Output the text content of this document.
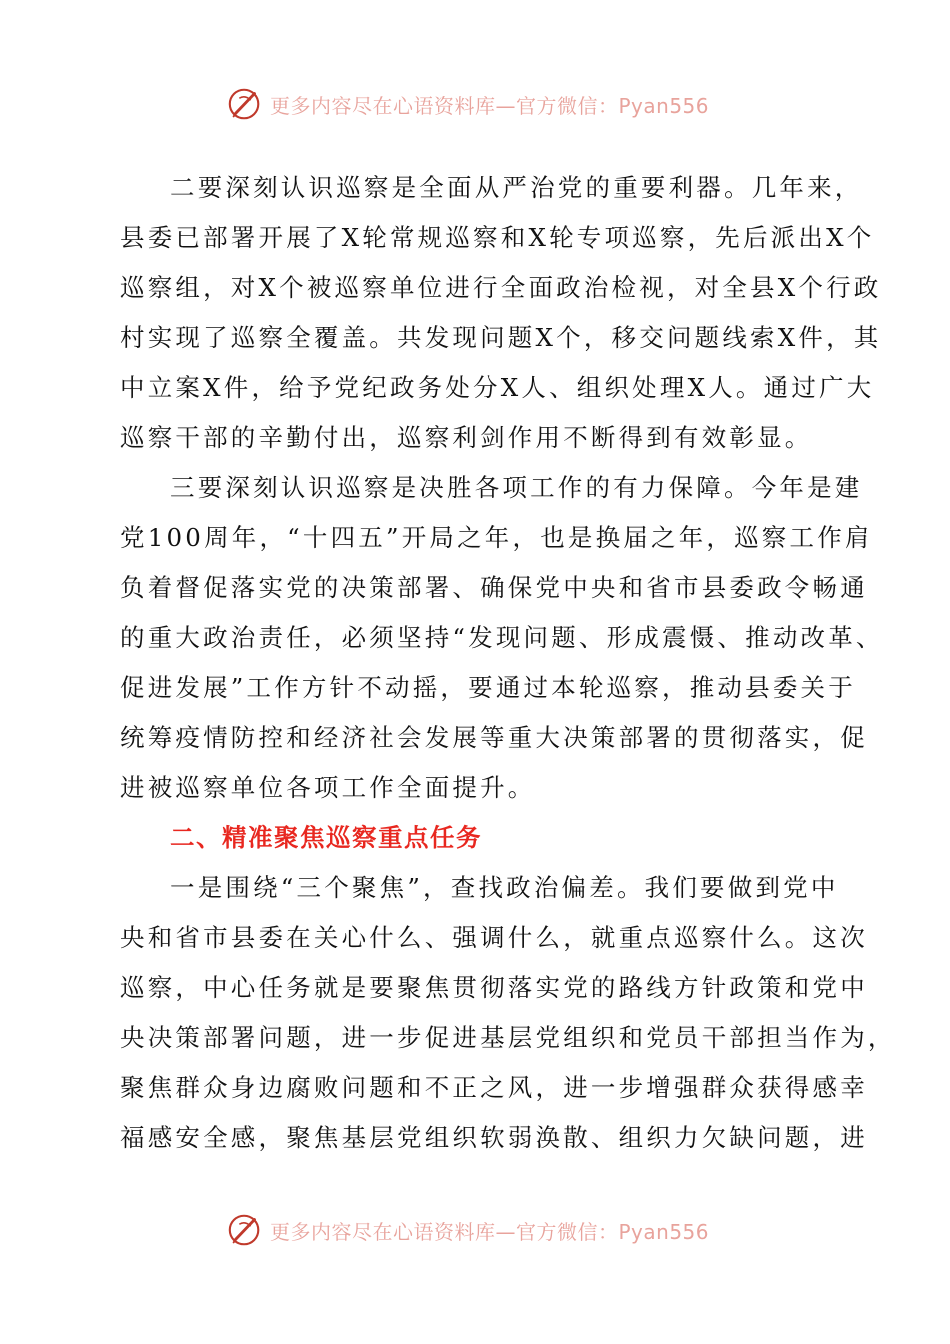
更多内容尽在心语资料库—官方微信：Pyan556
二要深刻认识巡察是全面从严治党的重要利器。几年来，
县委已部署开展了X轮常规巡察和X轮专项巡察，先后派出X个
巡察组，对X个被巡察单位进行全面政治检视，对全县X个行政
村实现了巡察全覆盖。共发现问题X个，移交问题线索X件，其
中立案X件，给予党纪政务处分X人、组织处理X人。通过广大
巡察干部的辛勤付出，巡察利剑作用不断得到有效彰显。
三要深刻认识巡察是决胜各项工作的有力保障。今年是建
党100周年，“十四五”开局之年，也是换届之年，巡察工作肩
负着督促落实党的决策部署、确保党中央和省市县委政令畅通
的重大政治责任，必须坚持“发现问题、形成震慑、推动改革、
促进发展”工作方针不动摇，要通过本轮巡察，推动县委关于
统筹疫情防控和经济社会发展等重大决策部署的贯彻落实，促
进被巡察单位各项工作全面提升。
二、精准聚焦巡察重点任务
一是围绕“三个聚焦”，查找政治偏差。我们要做到党中
央和省市县委在关心什么、强调什么，就重点巡察什么。这次
巡察，中心任务就是要聚焦贯彻落实党的路线方针政策和党中
央决策部署问题，进一步促进基层党组织和党员干部担当作为，
聚焦群众身边腐败问题和不正之风，进一步增强群众获得感幸
福感安全感，聚焦基层党组织软弱涣散、组织力欠缺问题，进
更多内容尽在心语资料库—官方微信：Pyan556
